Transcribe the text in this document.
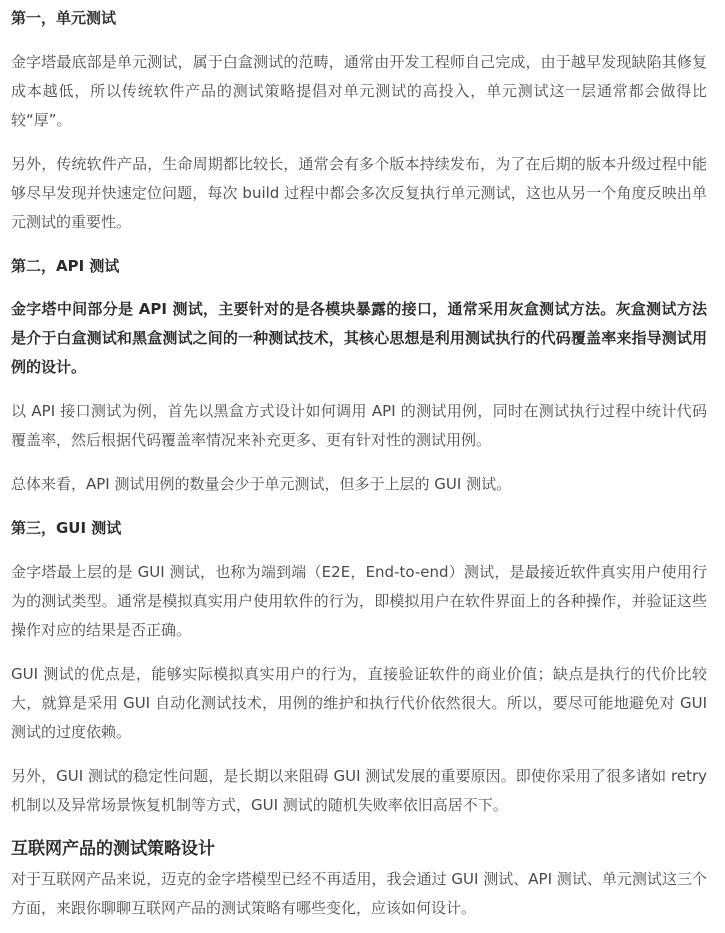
第一，单元测试

金字塔最底部是单元测试，属于白盒测试的范畴，通常由开发工程师自己完成，由于越早发现缺陷其修复成本越低，所以传统软件产品的测试策略提倡对单元测试的高投入，单元测试这一层通常都会做得比较“厚”。

另外，传统软件产品，生命周期都比较长，通常会有多个版本持续发布，为了在后期的版本升级过程中能够尽早发现并快速定位问题，每次 build 过程中都会多次反复执行单元测试，这也从另一个角度反映出单元测试的重要性。

第二，API 测试

金字塔中间部分是 API 测试，主要针对的是各模块暴露的接口，通常采用灰盒测试方法。灰盒测试方法是介于白盒测试和黑盒测试之间的一种测试技术，其核心思想是利用测试执行的代码覆盖率来指导测试用例的设计。

以 API 接口测试为例，首先以黑盒方式设计如何调用 API 的测试用例，同时在测试执行过程中统计代码覆盖率，然后根据代码覆盖率情况来补充更多、更有针对性的测试用例。

总体来看，API 测试用例的数量会少于单元测试，但多于上层的 GUI 测试。

第三，GUI 测试

金字塔最上层的是 GUI 测试，也称为端到端（E2E，End-to-end）测试，是最接近软件真实用户使用行为的测试类型。通常是模拟真实用户使用软件的行为，即模拟用户在软件界面上的各种操作，并验证这些操作对应的结果是否正确。

GUI 测试的优点是，能够实际模拟真实用户的行为，直接验证软件的商业价值；缺点是执行的代价比较大，就算是采用 GUI 自动化测试技术，用例的维护和执行代价依然很大。所以，要尽可能地避免对 GUI 测试的过度依赖。

另外，GUI 测试的稳定性问题，是长期以来阻碍 GUI 测试发展的重要原因。即使你采用了很多诸如 retry 机制以及异常场景恢复机制等方式，GUI 测试的随机失败率依旧高居不下。

互联网产品的测试策略设计

对于互联网产品来说，迈克的金字塔模型已经不再适用，我会通过 GUI 测试、API 测试、单元测试这三个方面，来跟你聊聊互联网产品的测试策略有哪些变化，应该如何设计。
